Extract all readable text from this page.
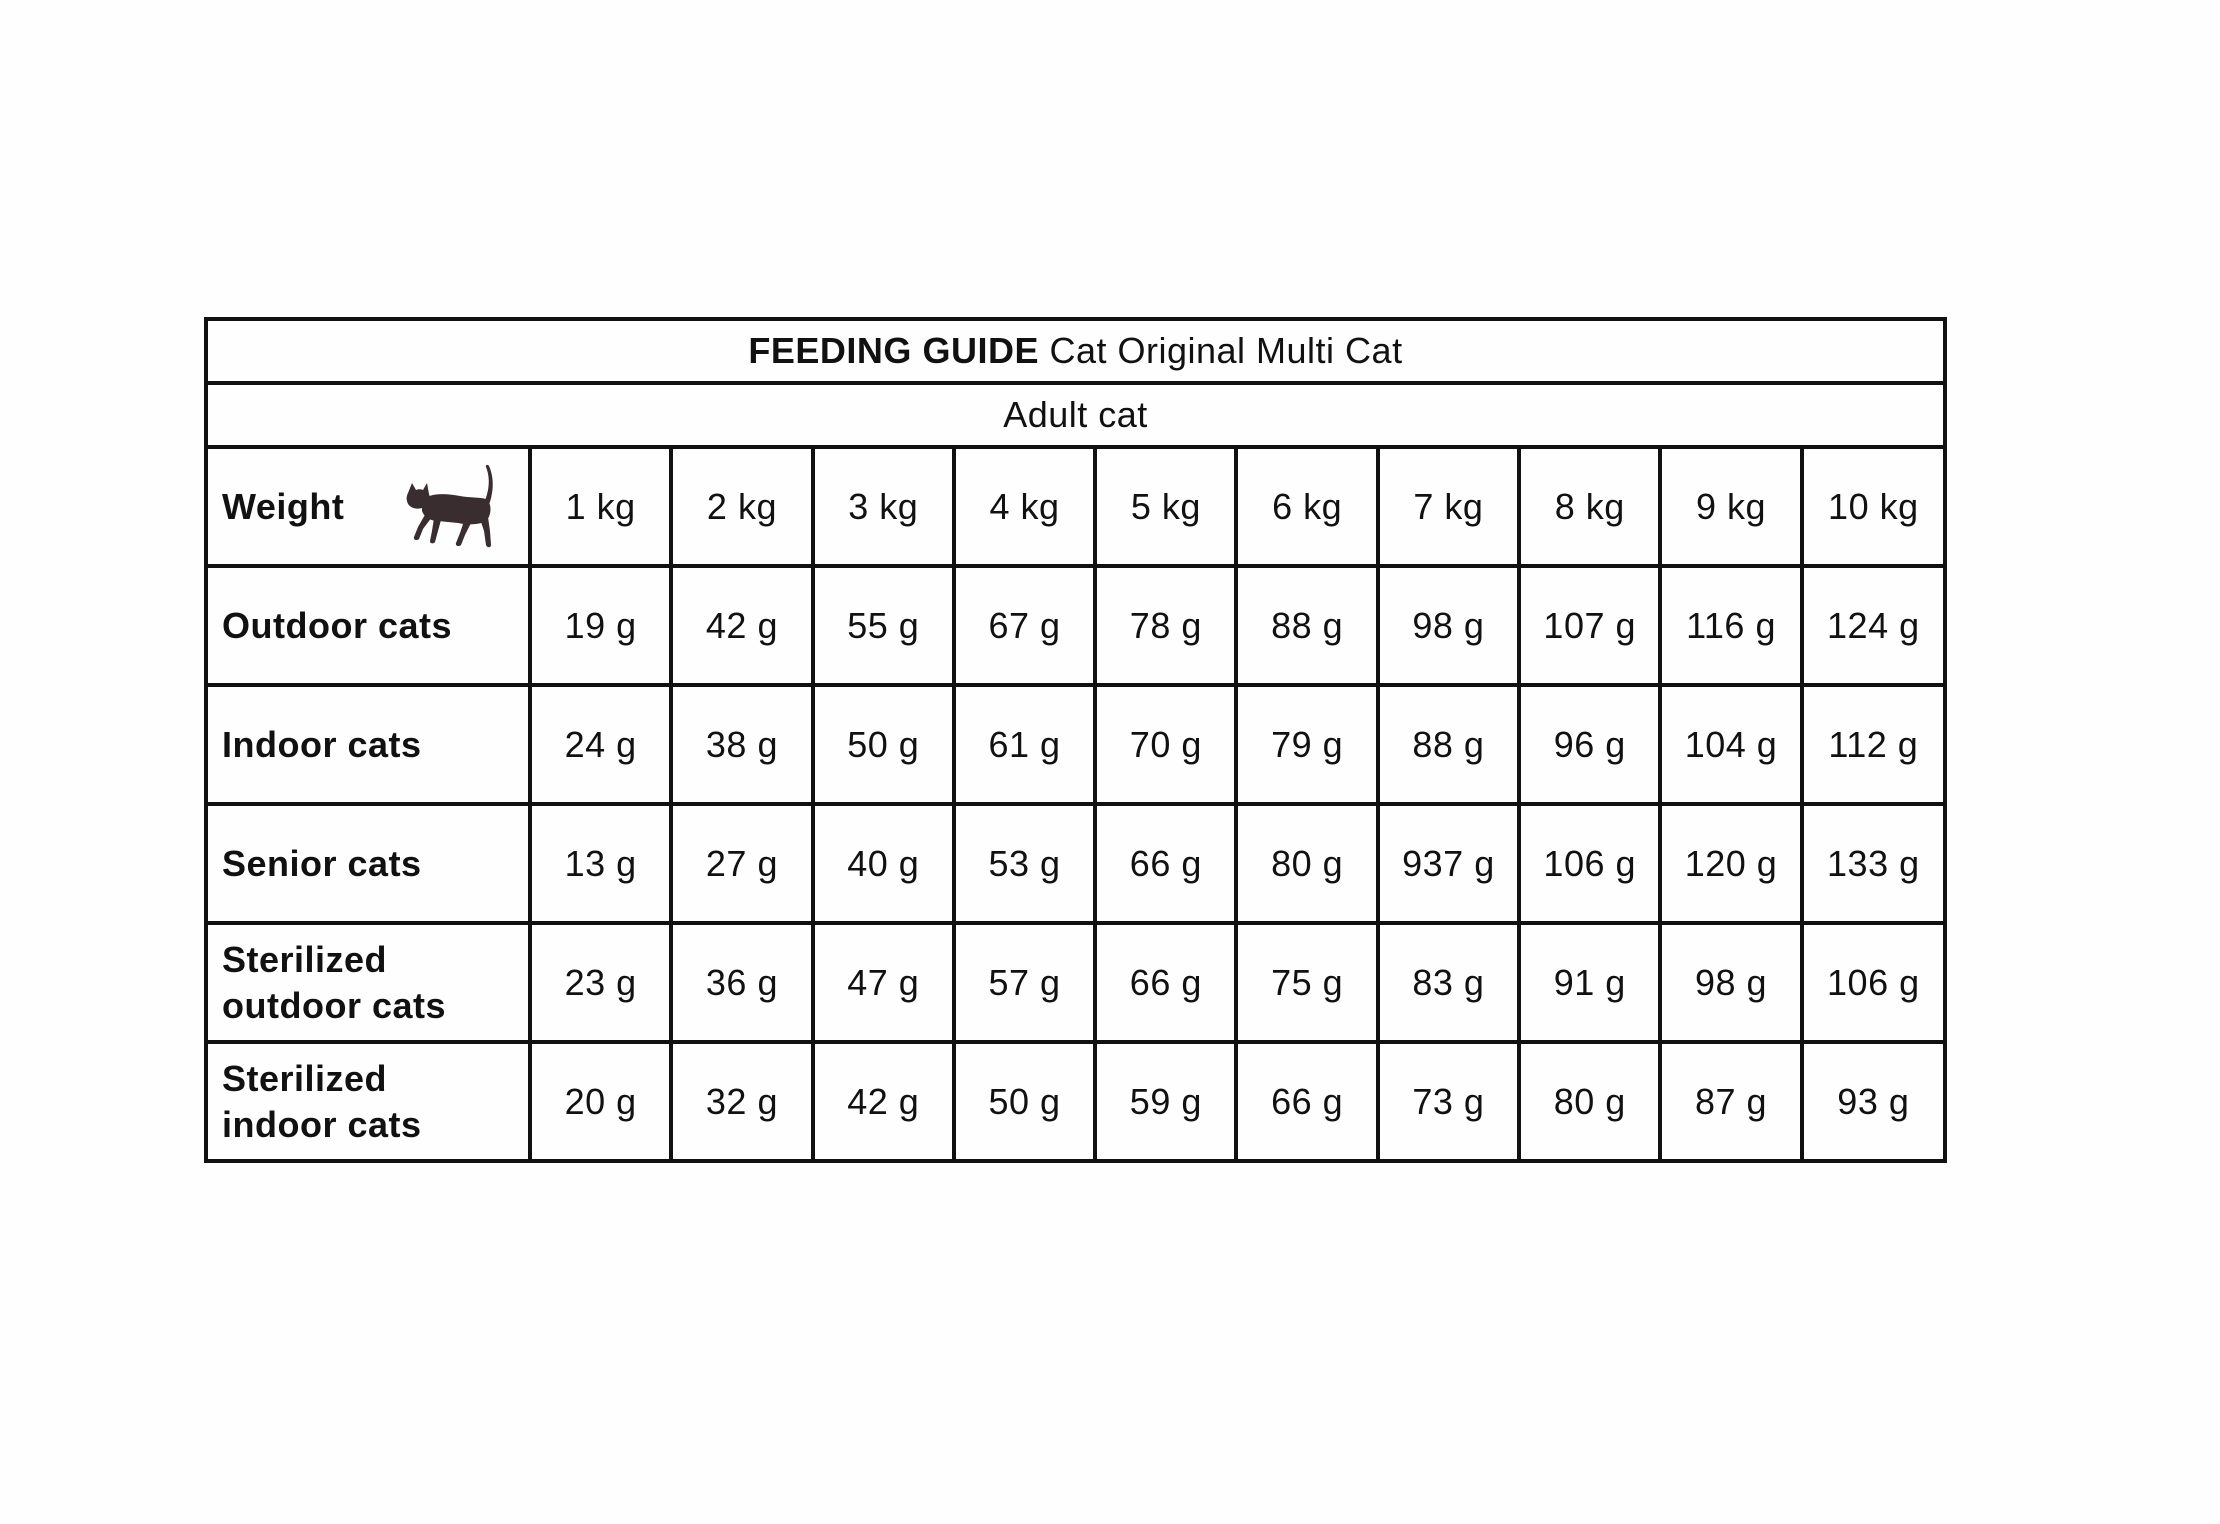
FEEDING GUIDE Cat Original Multi Cat										
Adult cat										
Weight	1 kg	2 kg	3 kg	4 kg	5 kg	6 kg	7 kg	8 kg	9 kg	10 kg

Outdoor cats	19 g	42 g	55 g	67 g	78 g	88 g	98 g	107 g	116 g	124 g

Indoor cats	24 g	38 g	50 g	61 g	70 g	79 g	88 g	96 g	104 g	112 g

Senior cats	13 g	27 g	40 g	53 g	66 g	80 g	937 g	106 g	120 g	133 g

Sterilized
outdoor cats	23 g	36 g	47 g	57 g	66 g	75 g	83 g	91 g	98 g	106 g

Sterilized
indoor cats	20 g	32 g	42 g	50 g	59 g	66 g	73 g	80 g	87 g	93 g
